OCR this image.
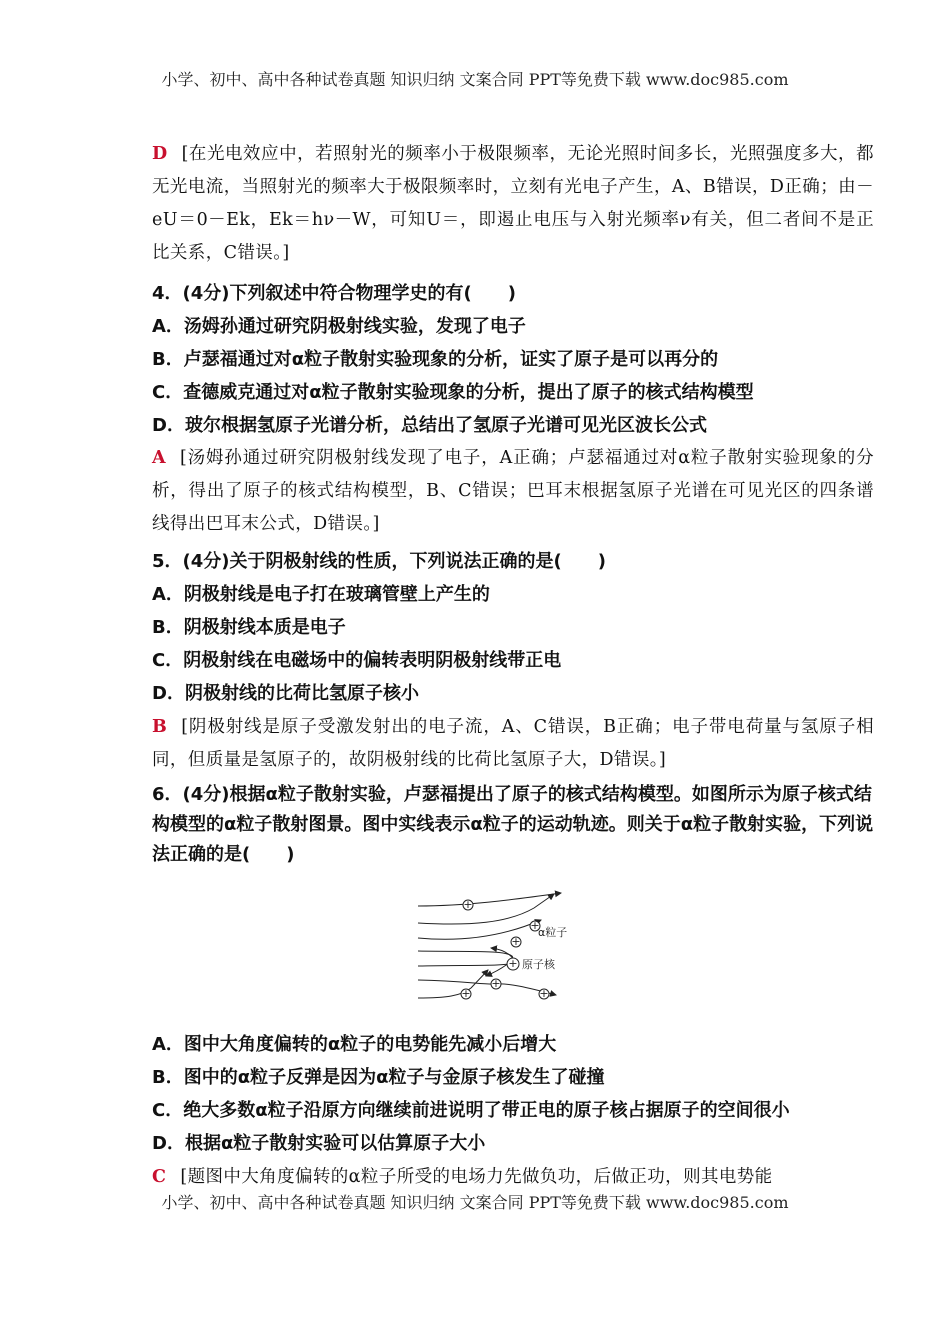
小学、初中、高中各种试卷真题 知识归纳 文案合同 PPT等免费下载 www.doc985.com
D [在光电效应中，若照射光的频率小于极限频率，无论光照时间多长，光照强度多大，都无光电流，当照射光的频率大于极限频率时，立刻有光电子产生，A、B错误，D正确；由－eU＝0－Ek，Ek＝hν－W，可知U＝，即遏止电压与入射光频率ν有关，但二者间不是正比关系，C错误。]
4．(4分)下列叙述中符合物理学史的有(　　)
A．汤姆孙通过研究阴极射线实验，发现了电子
B．卢瑟福通过对α粒子散射实验现象的分析，证实了原子是可以再分的
C．查德威克通过对α粒子散射实验现象的分析，提出了原子的核式结构模型
D．玻尔根据氢原子光谱分析，总结出了氢原子光谱可见光区波长公式
A [汤姆孙通过研究阴极射线发现了电子，A正确；卢瑟福通过对α粒子散射实验现象的分析，得出了原子的核式结构模型，B、C错误；巴耳末根据氢原子光谱在可见光区的四条谱线得出巴耳末公式，D错误。]
5．(4分)关于阴极射线的性质，下列说法正确的是(　　)
A．阴极射线是电子打在玻璃管壁上产生的
B．阴极射线本质是电子
C．阴极射线在电磁场中的偏转表明阴极射线带正电
D．阴极射线的比荷比氢原子核小
B [阴极射线是原子受激发射出的电子流，A、C错误，B正确；电子带电荷量与氢原子相同，但质量是氢原子的，故阴极射线的比荷比氢原子大，D错误。]
6．(4分)根据α粒子散射实验，卢瑟福提出了原子的核式结构模型。如图所示为原子核式结构模型的α粒子散射图景。图中实线表示α粒子的运动轨迹。则关于α粒子散射实验，下列说法正确的是(　　)
A．图中大角度偏转的α粒子的电势能先减小后增大
B．图中的α粒子反弹是因为α粒子与金原子核发生了碰撞
C．绝大多数α粒子沿原方向继续前进说明了带正电的原子核占据原子的空间很小
D．根据α粒子散射实验可以估算原子大小
C [题图中大角度偏转的α粒子所受的电场力先做负功，后做正功，则其电势能
+
+
+
+
+
+
+
α粒子
原子核
小学、初中、高中各种试卷真题 知识归纳 文案合同 PPT等免费下载 www.doc985.com
